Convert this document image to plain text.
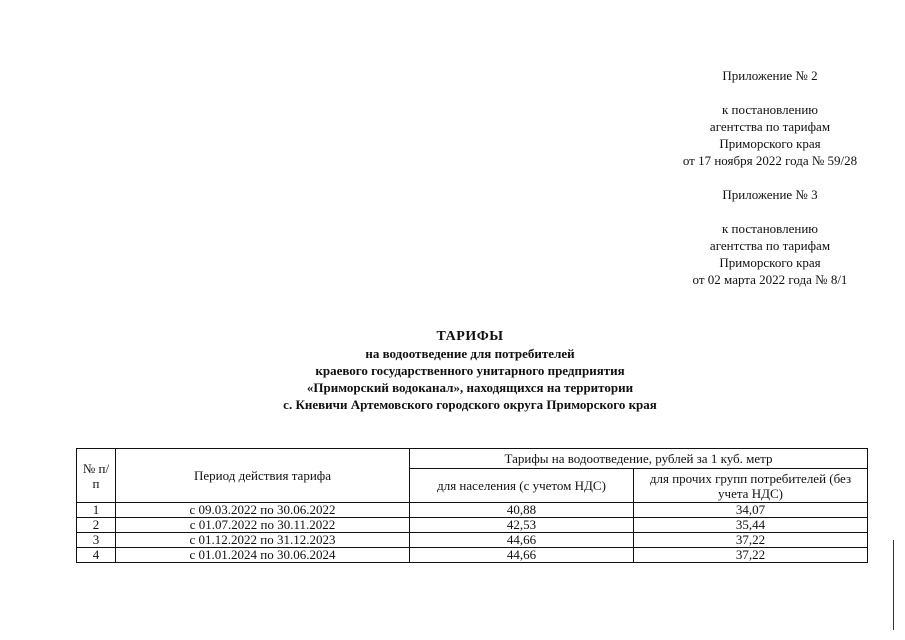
Приложение № 2

к постановлению

агентства по тарифам

Приморского края

от 17 ноября 2022 года № 59/28

Приложение № 3

к постановлению

агентства по тарифам

Приморского края

от 02 марта 2022 года № 8/1

ТАРИФЫ

на водоотведение для потребителей

краевого государственного унитарного предприятия

«Приморский водоканал», находящихся на территории

с. Кневичи Артемовского городского округа Приморского края

№ п/п	Период действия тарифа	Тарифы на водоотведение, рублей за 1 куб. метр	
		для населения (с учетом НДС)	для прочих групп потребителей (без учета НДС)
1	с 09.03.2022 по 30.06.2022	40,88	34,07
2	с 01.07.2022 по 30.11.2022	42,53	35,44
3	с 01.12.2022 по 31.12.2023	44,66	37,22
4	с 01.01.2024 по 30.06.2024	44,66	37,22
